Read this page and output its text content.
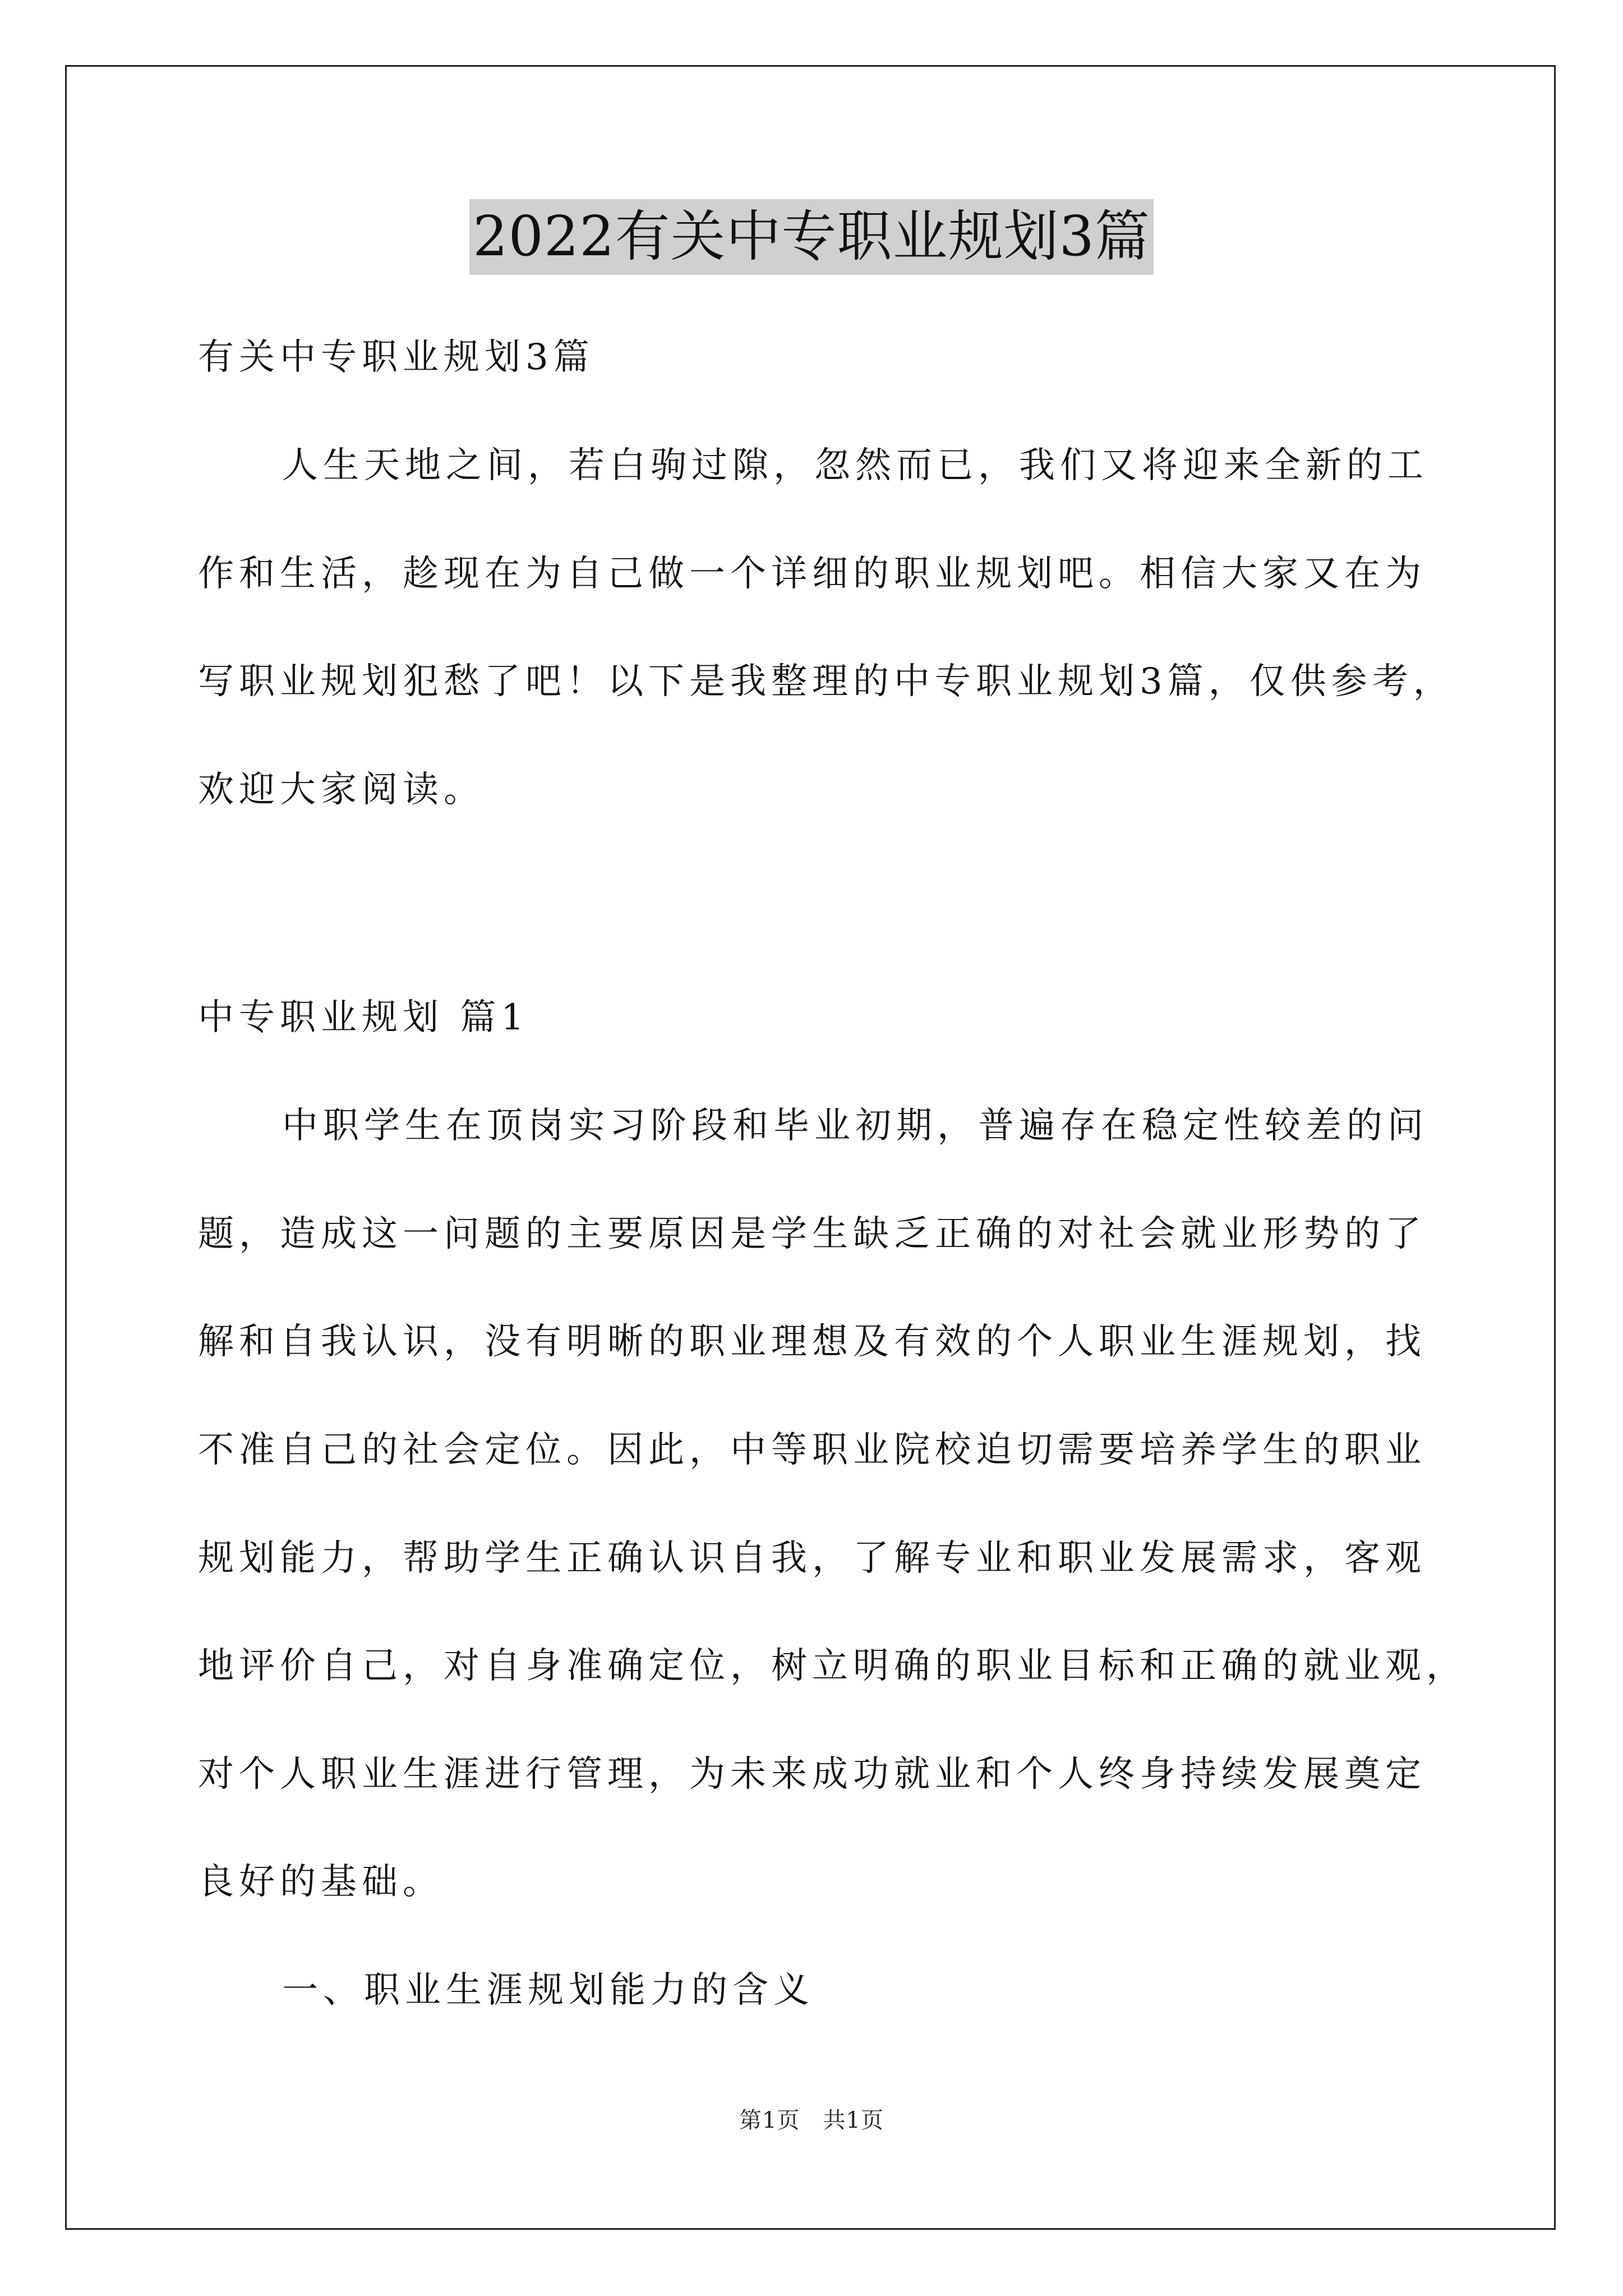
2022有关中专职业规划3篇
有关中专职业规划3篇
人生天地之间，若白驹过隙，忽然而已，我们又将迎来全新的工
作和生活，趁现在为自己做一个详细的职业规划吧。相信大家又在为
写职业规划犯愁了吧！以下是我整理的中专职业规划3篇，仅供参考，
欢迎大家阅读。
中专职业规划 篇1
中职学生在顶岗实习阶段和毕业初期，普遍存在稳定性较差的问
题，造成这一问题的主要原因是学生缺乏正确的对社会就业形势的了
解和自我认识，没有明晰的职业理想及有效的个人职业生涯规划，找
不准自己的社会定位。因此，中等职业院校迫切需要培养学生的职业
规划能力，帮助学生正确认识自我，了解专业和职业发展需求，客观
地评价自己，对自身准确定位，树立明确的职业目标和正确的就业观，
对个人职业生涯进行管理，为未来成功就业和个人终身持续发展奠定
良好的基础。
一、职业生涯规划能力的含义
第1页　共1页
